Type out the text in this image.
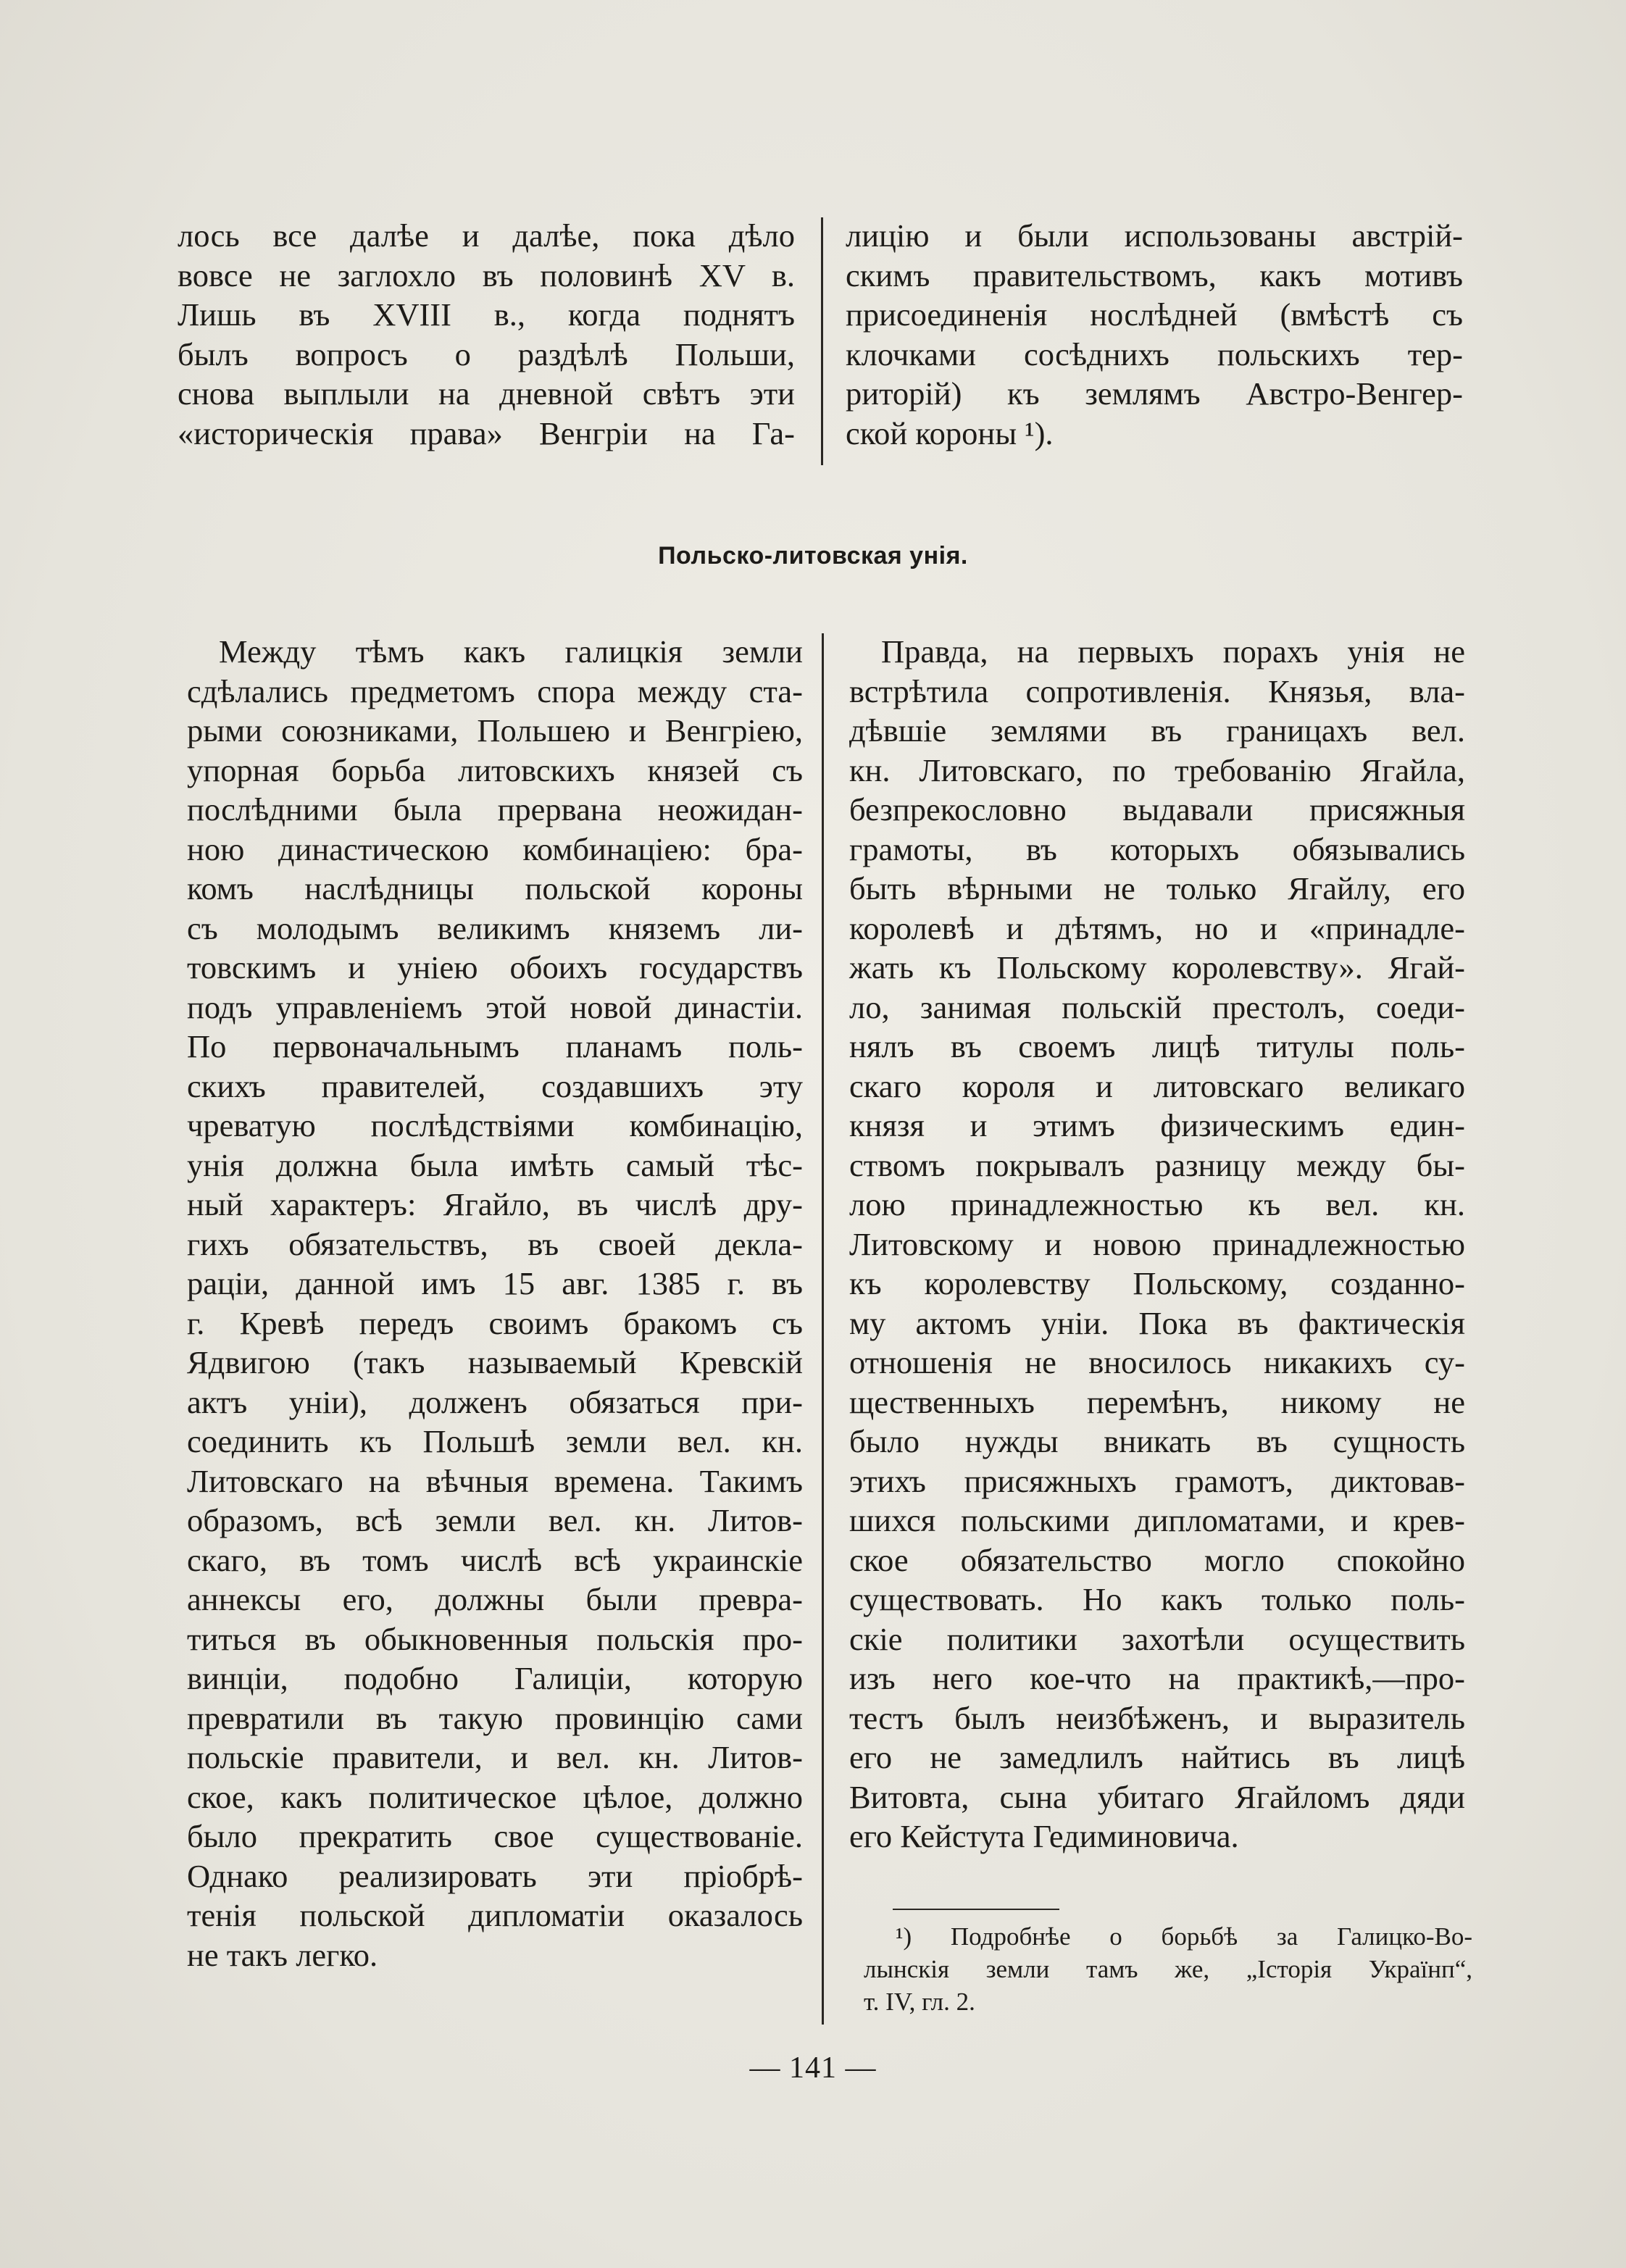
лось все далѣе и далѣе, пока дѣло
вовсе не заглохло въ половинѣ XV в.
Лишь въ XVIII в., когда поднятъ
былъ вопросъ о раздѣлѣ Польши,
снова выплыли на дневной свѣтъ эти
«историческія права» Венгріи на Га-
лицію и были использованы австрій-
скимъ правительствомъ, какъ мотивъ
присоединенія нослѣдней (вмѣстѣ съ
клочками сосѣднихъ польскихъ тер-
риторій) къ землямъ Австро-Венгер-
ской короны ¹).
Польско-литовская унія.
Между тѣмъ какъ галицкія земли
сдѣлались предметомъ спора между ста-
рыми союзниками, Польшею и Венгріею,
упорная борьба литовскихъ князей съ
послѣдними была прервана неожидан-
ною династическою комбинаціею: бра-
комъ наслѣдницы польской короны
съ молодымъ великимъ княземъ ли-
товскимъ и уніею обоихъ государствъ
подъ управленіемъ этой новой династіи.
По первоначальнымъ планамъ поль-
скихъ правителей, создавшихъ эту
чреватую послѣдствіями комбинацію,
унія должна была имѣть самый тѣс-
ный характеръ: Ягайло, въ числѣ дру-
гихъ обязательствъ, въ своей декла-
раціи, данной имъ 15 авг. 1385 г. въ
г. Кревѣ передъ своимъ бракомъ съ
Ядвигою (такъ называемый Кревскій
актъ уніи), долженъ обязаться при-
соединить къ Польшѣ земли вел. кн.
Литовскаго на вѣчныя времена. Такимъ
образомъ, всѣ земли вел. кн. Литов-
скаго, въ томъ числѣ всѣ украинскіе
аннексы его, должны были превра-
титься въ обыкновенныя польскія про-
винціи, подобно Галиціи, которую
превратили въ такую провинцію сами
польскіе правители, и вел. кн. Литов-
ское, какъ политическое цѣлое, должно
было прекратить свое существованіе.
Однако реализировать эти пріобрѣ-
тенія польской дипломатіи оказалось
не такъ легко.
Правда, на первыхъ порахъ унія не
встрѣтила сопротивленія. Князья, вла-
дѣвшіе землями въ границахъ вел.
кн. Литовскаго, по требованію Ягайла,
безпрекословно выдавали присяжныя
грамоты, въ которыхъ обязывались
быть вѣрными не только Ягайлу, его
королевѣ и дѣтямъ, но и «принадле-
жать къ Польскому королевству». Ягай-
ло, занимая польскій престолъ, соеди-
нялъ въ своемъ лицѣ титулы поль-
скаго короля и литовскаго великаго
князя и этимъ физическимъ един-
ствомъ покрывалъ разницу между бы-
лою принадлежностью къ вел. кн.
Литовскому и новою принадлежностью
къ королевству Польскому, созданно-
му актомъ уніи. Пока въ фактическія
отношенія не вносилось никакихъ су-
щественныхъ перемѣнъ, никому не
было нужды вникать въ сущность
этихъ присяжныхъ грамотъ, диктовав-
шихся польскими дипломатами, и крев-
ское обязательство могло спокойно
существовать. Но какъ только поль-
скіе политики захотѣли осуществить
изъ него кое-что на практикѣ,—про-
тестъ былъ неизбѣженъ, и выразитель
его не замедлилъ найтись въ лицѣ
Витовта, сына убитаго Ягайломъ дяди
его Кейстута Гедиминовича.
¹) Подробнѣе о борьбѣ за Галицко-Во-
лынскія земли тамъ же, „Історія Українп“,
т. IV, гл. 2.
— 141 —
